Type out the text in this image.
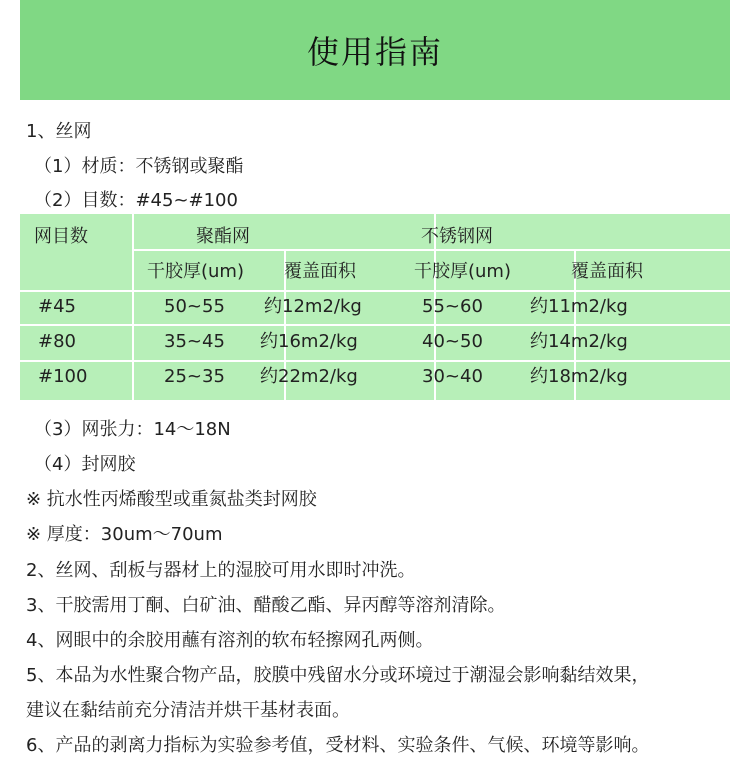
使用指南
1、丝网
（1）材质：不锈钢或聚酯
（2）目数：#45~#100
网目数	聚酯网	不锈钢网
干胶厚(um) 覆盖面积	干胶厚(um)	覆盖面积
#45	50~55 约12m2/kg	55~60	约11m2/kg
#80	35~45 约16m2/kg	40~50	约14m2/kg
#100	25~35 约22m2/kg	30~40	约18m2/kg
（3）网张力：14～18N
（4）封网胶
※ 抗水性丙烯酸型或重氮盐类封网胶
※ 厚度：30um～70um
2、丝网、刮板与器材上的湿胶可用水即时冲洗。
3、干胶需用丁酮、白矿油、醋酸乙酯、异丙醇等溶剂清除。
4、网眼中的余胶用蘸有溶剂的软布轻擦网孔两侧。
5、本品为水性聚合物产品，胶膜中残留水分或环境过于潮湿会影响黏结效果，
建议在黏结前充分清洁并烘干基材表面。
6、产品的剥离力指标为实验参考值，受材料、实验条件、气候、环境等影响。
